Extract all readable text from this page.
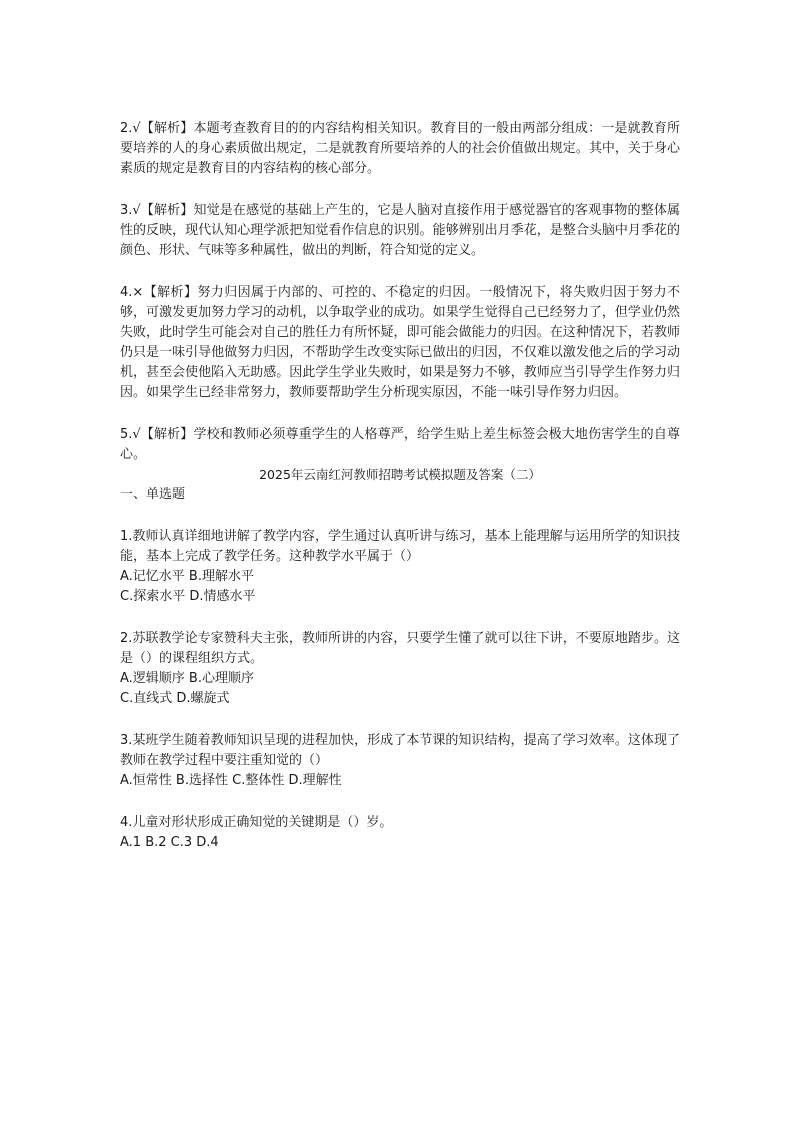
2.√【解析】本题考查教育目的的内容结构相关知识。教育目的一般由两部分组成：一是就教育所要培养的人的身心素质做出规定，二是就教育所要培养的人的社会价值做出规定。其中，关于身心素质的规定是教育目的内容结构的核心部分。

3.√【解析】知觉是在感觉的基础上产生的，它是人脑对直接作用于感觉器官的客观事物的整体属性的反映，现代认知心理学派把知觉看作信息的识别。能够辨别出月季花，是整合头脑中月季花的颜色、形状、气味等多种属性，做出的判断，符合知觉的定义。

4.×【解析】努力归因属于内部的、可控的、不稳定的归因。一般情况下，将失败归因于努力不够，可激发更加努力学习的动机，以争取学业的成功。如果学生觉得自己已经努力了，但学业仍然失败，此时学生可能会对自己的胜任力有所怀疑，即可能会做能力的归因。在这种情况下，若教师仍只是一味引导他做努力归因，不帮助学生改变实际已做出的归因，不仅难以激发他之后的学习动机，甚至会使他陷入无助感。因此学生学业失败时，如果是努力不够，教师应当引导学生作努力归因。如果学生已经非常努力，教师要帮助学生分析现实原因，不能一味引导作努力归因。

5.√【解析】学校和教师必须尊重学生的人格尊严，给学生贴上差生标签会极大地伤害学生的自尊心。

2025年云南红河教师招聘考试模拟题及答案（二）

一、单选题

1.教师认真详细地讲解了教学内容，学生通过认真听讲与练习，基本上能理解与运用所学的知识技能，基本上完成了教学任务。这种教学水平属于（）

A.记忆水平 B.理解水平

C.探索水平 D.情感水平

2.苏联教学论专家赞科夫主张，教师所讲的内容，只要学生懂了就可以往下讲，不要原地踏步。这是（）的课程组织方式。

A.逻辑顺序 B.心理顺序

C.直线式 D.螺旋式

3.某班学生随着教师知识呈现的进程加快，形成了本节课的知识结构，提高了学习效率。这体现了教师在教学过程中要注重知觉的（）

A.恒常性 B.选择性 C.整体性 D.理解性

4.儿童对形状形成正确知觉的关键期是（）岁。

A.1 B.2 C.3 D.4
